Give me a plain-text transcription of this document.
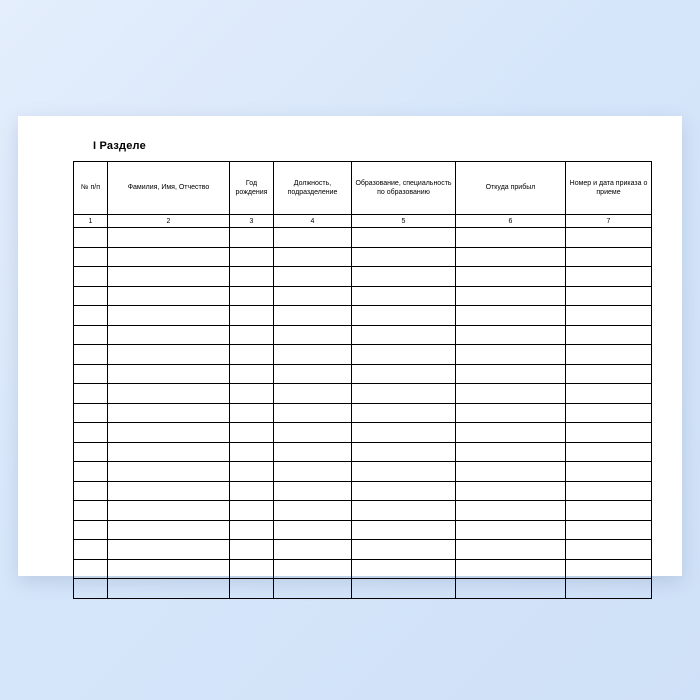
I Разделе
№ п/п	Фамилия, Имя, Отчество	Год рождения	Должность, подразделение	Образование, специальность по образованию	Откуда прибыл	Номер и дата приказа о приеме
1	2	3	4	5	6	7
